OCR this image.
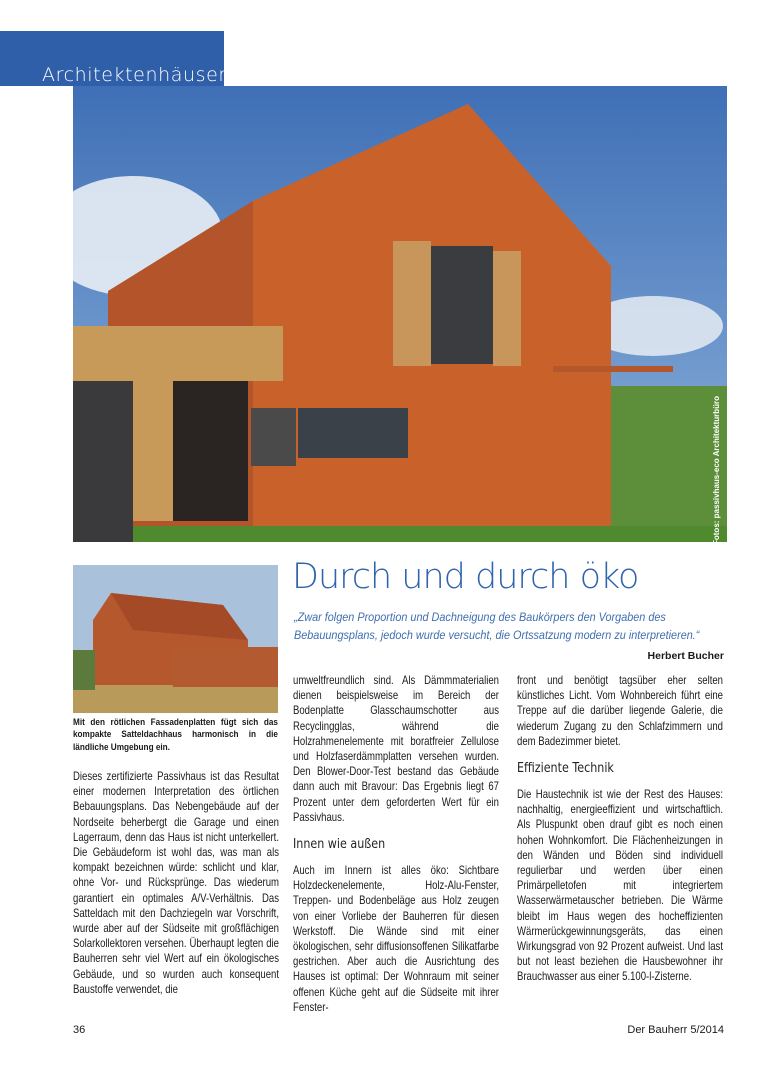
Fotos: passivhaus-eco Architekturbüro
Architektenhäuser
Mit den rötlichen Fassadenplatten fügt sich das kompakte Satteldachhaus harmonisch in die ländliche Umgebung ein.
Durch und durch öko
„Zwar folgen Proportion und Dachneigung des Baukörpers den Vorgaben des Bebauungsplans, jedoch wurde versucht, die Ortssatzung modern zu interpretieren.“
Herbert Bucher

Dieses zertifizierte Passivhaus ist das Resultat einer modernen Interpretation des örtlichen Bebauungsplans. Das Nebengebäude auf der Nordseite beherbergt die Garage und einen Lagerraum, denn das Haus ist nicht unterkellert. Die Gebäudeform ist wohl das, was man als kompakt bezeichnen würde: schlicht und klar, ohne Vor- und Rücksprünge. Das wiederum garantiert ein optimales A/V-Verhältnis. Das Satteldach mit den Dachziegeln war Vorschrift, wurde aber auf der Südseite mit großflächigen Solarkollektoren versehen. Überhaupt legten die Bauherren sehr viel Wert auf ein ökologisches Gebäude, und so wurden auch konsequent Baustoffe verwendet, die

umweltfreundlich sind. Als Dämmmaterialien dienen beispielsweise im Bereich der Bodenplatte Glasschaumschotter aus Recyclingglas, während die Holzrahmenelemente mit boratfreier Zellulose und Holzfaserdämmplatten versehen wurden. Den Blower-Door-Test bestand das Gebäude dann auch mit Bravour: Das Ergebnis liegt 67 Prozent unter dem geforderten Wert für ein Passivhaus.

Innen wie außen

Auch im Innern ist alles öko: Sichtbare Holzdeckenelemente, Holz-Alu-Fenster, Treppen- und Bodenbeläge aus Holz zeugen von einer Vorliebe der Bauherren für diesen Werkstoff. Die Wände sind mit einer ökologischen, sehr diffusionsoffenen Silikatfarbe gestrichen. Aber auch die Ausrichtung des Hauses ist optimal: Der Wohnraum mit seiner offenen Küche geht auf die Südseite mit ihrer Fenster-

front und benötigt tagsüber eher selten künstliches Licht. Vom Wohnbereich führt eine Treppe auf die darüber liegende Galerie, die wiederum Zugang zu den Schlafzimmern und dem Badezimmer bietet.

Effiziente Technik

Die Haustechnik ist wie der Rest des Hauses: nachhaltig, energieeffizient und wirtschaftlich. Als Pluspunkt oben drauf gibt es noch einen hohen Wohnkomfort. Die Flächenheizungen in den Wänden und Böden sind individuell regulierbar und werden über einen Primärpelletofen mit integriertem Wasserwärmetauscher betrieben. Die Wärme bleibt im Haus wegen des hocheffizienten Wärmerückgewinnungsgeräts, das einen Wirkungsgrad von 92 Prozent aufweist. Und last but not least beziehen die Hausbewohner ihr Brauchwasser aus einer 5.100-l-Zisterne.

36	Der Bauherr 5/2014
